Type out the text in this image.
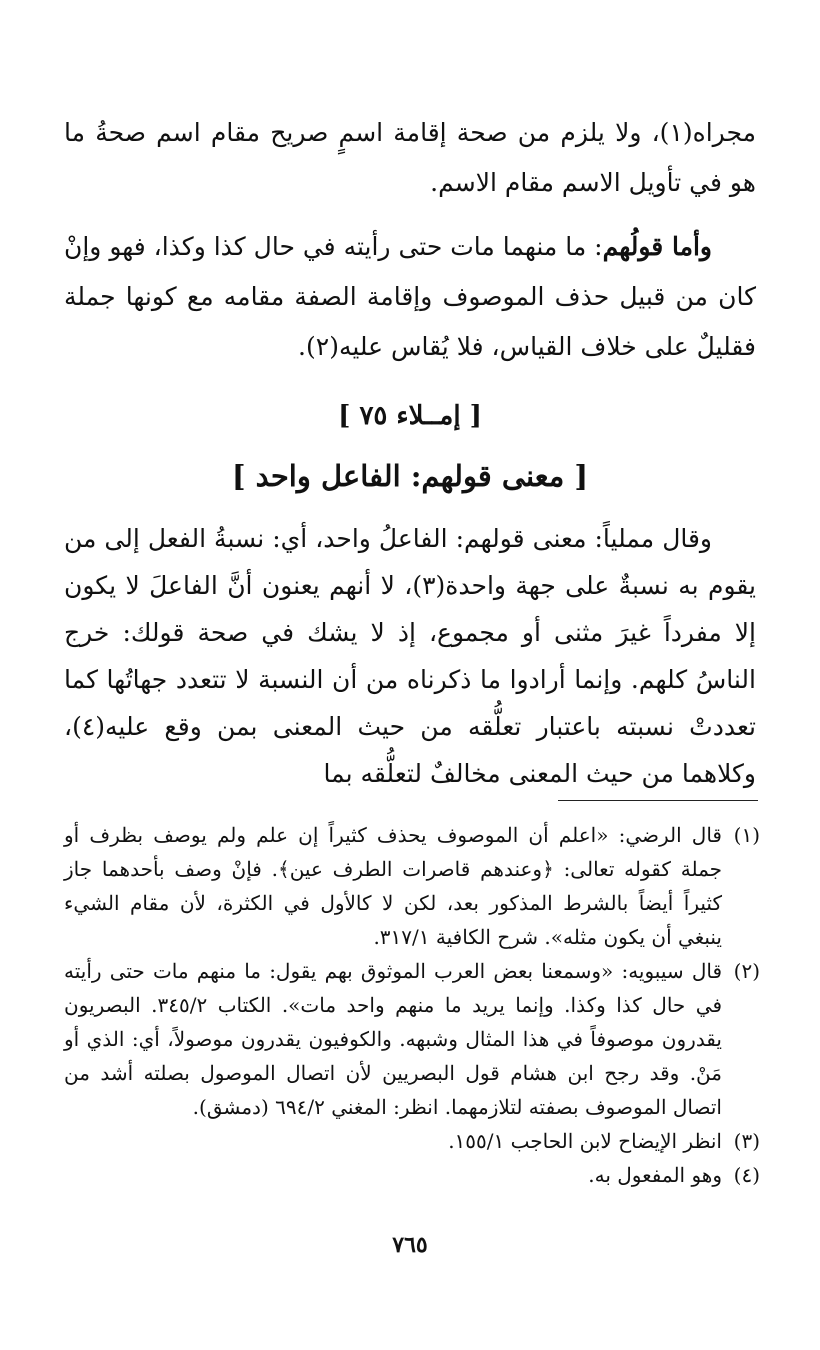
مجراه(١)، ولا يلزم من صحة إقامة اسمٍ صريح مقام اسم صحةُ ما هو في تأويل الاسم مقام الاسم.

وأما قولُهم: ما منهما مات حتى رأيته في حال كذا وكذا، فهو وإنْ كان من قبيل حذف الموصوف وإقامة الصفة مقامه مع كونها جملة فقليلٌ على خلاف القياس، فلا يُقاس عليه(٢).

[ إمــلاء ٧٥ ]
[ معنى قولهم: الفاعل واحد ]

وقال مملياً: معنى قولهم: الفاعلُ واحد، أي: نسبةُ الفعل إلى من يقوم به نسبةٌ على جهة واحدة(٣)، لا أنهم يعنون أنَّ الفاعلَ لا يكون إلا مفرداً غيرَ مثنى أو مجموع، إذ لا يشك في صحة قولك: خرج الناسُ كلهم. وإنما أرادوا ما ذكرناه من أن النسبة لا تتعدد جهاتُها كما تعددتْ نسبته باعتبار تعلُّقه من حيث المعنى بمن وقع عليه(٤)، وكلاهما من حيث المعنى مخالفٌ لتعلُّقه بما

(١)قال الرضي: «اعلم أن الموصوف يحذف كثيراً إن علم ولم يوصف بظرف أو جملة كقوله تعالى: ﴿وعندهم قاصرات الطرف عين﴾. فإنْ وصف بأحدهما جاز كثيراً أيضاً بالشرط المذكور بعد، لكن لا كالأول في الكثرة، لأن مقام الشيء ينبغي أن يكون مثله». شرح الكافية ٣١٧/١.

(٢)قال سيبويه: «وسمعنا بعض العرب الموثوق بهم يقول: ما منهم مات حتى رأيته في حال كذا وكذا. وإنما يريد ما منهم واحد مات». الكتاب ٣٤٥/٢. البصريون يقدرون موصوفاً في هذا المثال وشبهه. والكوفيون يقدرون موصولاً، أي: الذي أو مَنْ. وقد رجح ابن هشام قول البصريين لأن اتصال الموصول بصلته أشد من اتصال الموصوف بصفته لتلازمهما. انظر: المغني ٦٩٤/٢ (دمشق).

(٣)انظر الإيضاح لابن الحاجب ١٥٥/١.

(٤)وهو المفعول به.

٧٦٥
